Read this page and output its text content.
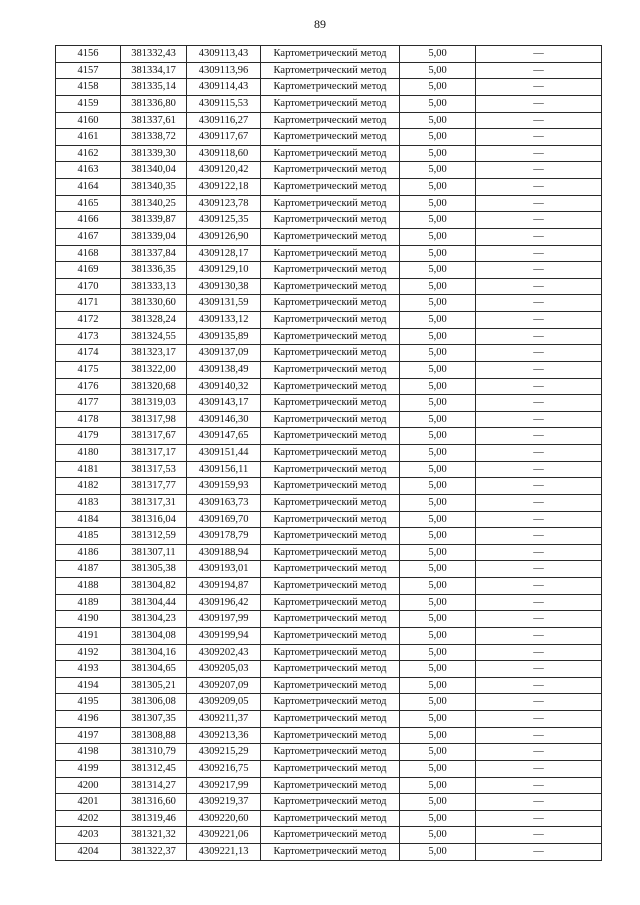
89
4156	381332,43	4309113,43	Картометрический метод	5,00	—
4157	381334,17	4309113,96	Картометрический метод	5,00	—
4158	381335,14	4309114,43	Картометрический метод	5,00	—
4159	381336,80	4309115,53	Картометрический метод	5,00	—
4160	381337,61	4309116,27	Картометрический метод	5,00	—
4161	381338,72	4309117,67	Картометрический метод	5,00	—
4162	381339,30	4309118,60	Картометрический метод	5,00	—
4163	381340,04	4309120,42	Картометрический метод	5,00	—
4164	381340,35	4309122,18	Картометрический метод	5,00	—
4165	381340,25	4309123,78	Картометрический метод	5,00	—
4166	381339,87	4309125,35	Картометрический метод	5,00	—
4167	381339,04	4309126,90	Картометрический метод	5,00	—
4168	381337,84	4309128,17	Картометрический метод	5,00	—
4169	381336,35	4309129,10	Картометрический метод	5,00	—
4170	381333,13	4309130,38	Картометрический метод	5,00	—
4171	381330,60	4309131,59	Картометрический метод	5,00	—
4172	381328,24	4309133,12	Картометрический метод	5,00	—
4173	381324,55	4309135,89	Картометрический метод	5,00	—
4174	381323,17	4309137,09	Картометрический метод	5,00	—
4175	381322,00	4309138,49	Картометрический метод	5,00	—
4176	381320,68	4309140,32	Картометрический метод	5,00	—
4177	381319,03	4309143,17	Картометрический метод	5,00	—
4178	381317,98	4309146,30	Картометрический метод	5,00	—
4179	381317,67	4309147,65	Картометрический метод	5,00	—
4180	381317,17	4309151,44	Картометрический метод	5,00	—
4181	381317,53	4309156,11	Картометрический метод	5,00	—
4182	381317,77	4309159,93	Картометрический метод	5,00	—
4183	381317,31	4309163,73	Картометрический метод	5,00	—
4184	381316,04	4309169,70	Картометрический метод	5,00	—
4185	381312,59	4309178,79	Картометрический метод	5,00	—
4186	381307,11	4309188,94	Картометрический метод	5,00	—
4187	381305,38	4309193,01	Картометрический метод	5,00	—
4188	381304,82	4309194,87	Картометрический метод	5,00	—
4189	381304,44	4309196,42	Картометрический метод	5,00	—
4190	381304,23	4309197,99	Картометрический метод	5,00	—
4191	381304,08	4309199,94	Картометрический метод	5,00	—
4192	381304,16	4309202,43	Картометрический метод	5,00	—
4193	381304,65	4309205,03	Картометрический метод	5,00	—
4194	381305,21	4309207,09	Картометрический метод	5,00	—
4195	381306,08	4309209,05	Картометрический метод	5,00	—
4196	381307,35	4309211,37	Картометрический метод	5,00	—
4197	381308,88	4309213,36	Картометрический метод	5,00	—
4198	381310,79	4309215,29	Картометрический метод	5,00	—
4199	381312,45	4309216,75	Картометрический метод	5,00	—
4200	381314,27	4309217,99	Картометрический метод	5,00	—
4201	381316,60	4309219,37	Картометрический метод	5,00	—
4202	381319,46	4309220,60	Картометрический метод	5,00	—
4203	381321,32	4309221,06	Картометрический метод	5,00	—
4204	381322,37	4309221,13	Картометрический метод	5,00	—
